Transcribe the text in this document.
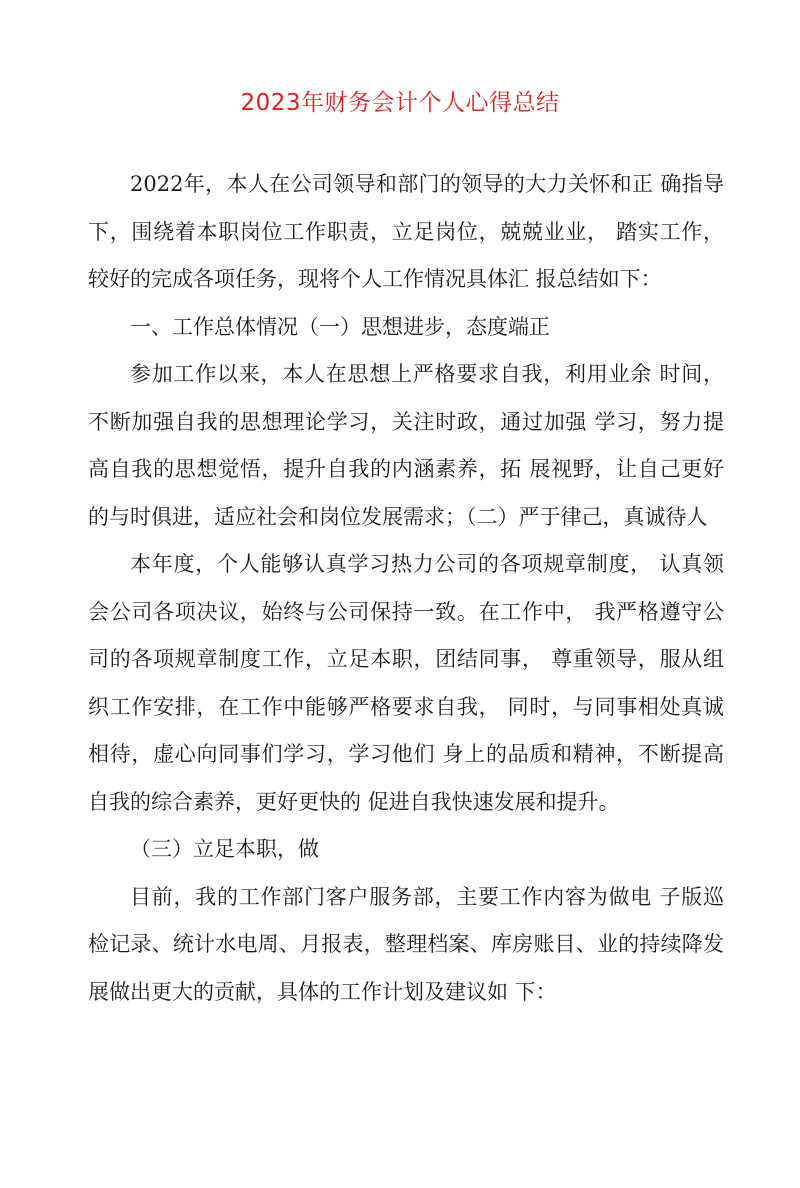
2023年财务会计个人心得总结

2022年，本人在公司领导和部门的领导的大力关怀和正 确指导下，围绕着本职岗位工作职责，立足岗位，兢兢业业， 踏实工作，较好的完成各项任务，现将个人工作情况具体汇 报总结如下：

一、工作总体情况（一）思想进步，态度端正

参加工作以来，本人在思想上严格要求自我，利用业余 时间，不断加强自我的思想理论学习，关注时政，通过加强 学习，努力提高自我的思想觉悟，提升自我的内涵素养，拓 展视野，让自己更好的与时俱进，适应社会和岗位发展需求；（二）严于律己，真诚待人

本年度，个人能够认真学习热力公司的各项规章制度， 认真领会公司各项决议，始终与公司保持一致。在工作中， 我严格遵守公司的各项规章制度工作，立足本职，团结同事， 尊重领导，服从组织工作安排，在工作中能够严格要求自我， 同时，与同事相处真诚相待，虚心向同事们学习，学习他们 身上的品质和精神，不断提高自我的综合素养，更好更快的 促进自我快速发展和提升。

（三）立足本职，做

目前，我的工作部门客户服务部，主要工作内容为做电 子版巡检记录、统计水电周、月报表，整理档案、库房账目、业的持续降发展做出更大的贡献，具体的工作计划及建议如 下：
